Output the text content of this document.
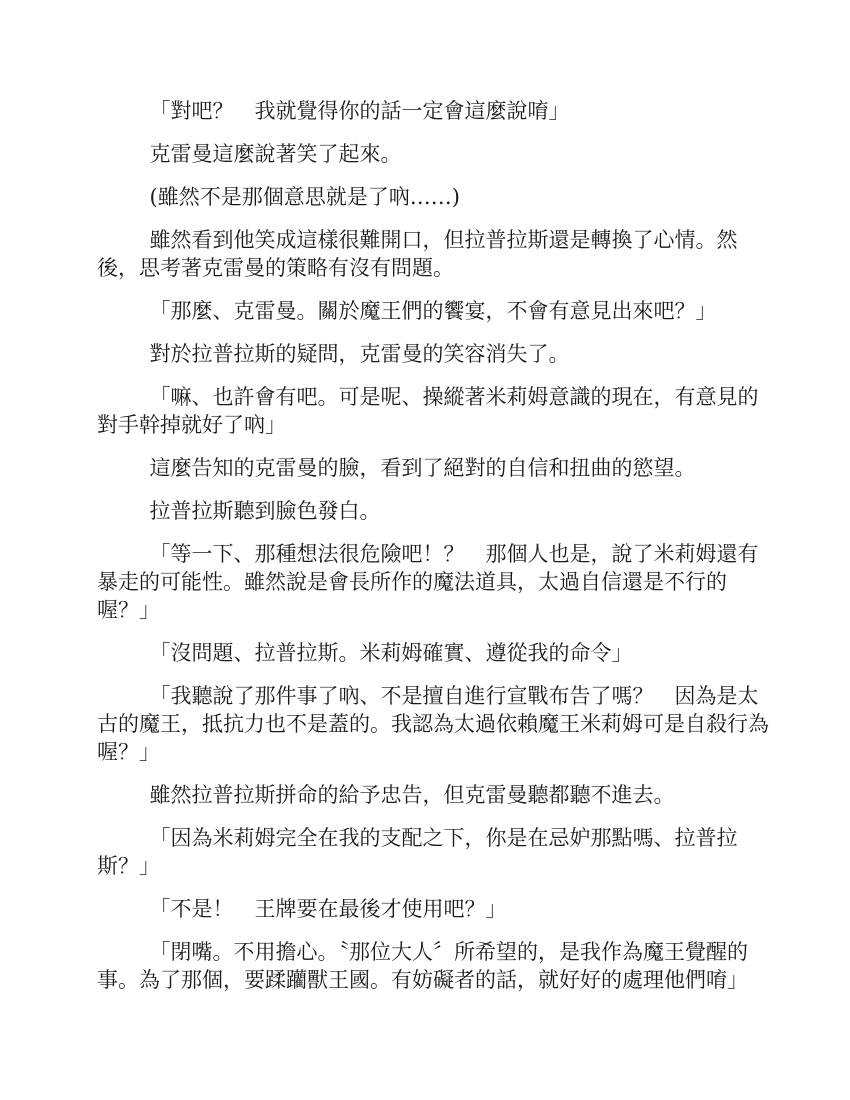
「對吧？　我就覺得你的話一定會這麼說唷」

克雷曼這麼說著笑了起來。

(雖然不是那個意思就是了吶……)

雖然看到他笑成這樣很難開口，但拉普拉斯還是轉換了心情。然後，思考著克雷曼的策略有沒有問題。

「那麼、克雷曼。關於魔王們的饗宴，不會有意見出來吧？」

對於拉普拉斯的疑問，克雷曼的笑容消失了。

「嘛、也許會有吧。可是呢、操縱著米莉姆意識的現在，有意見的對手幹掉就好了吶」

這麼告知的克雷曼的臉，看到了絕對的自信和扭曲的慾望。

拉普拉斯聽到臉色發白。

「等一下、那種想法很危險吧！？　那個人也是，說了米莉姆還有暴走的可能性。雖然說是會長所作的魔法道具，太過自信還是不行的喔？」

「沒問題、拉普拉斯。米莉姆確實、遵從我的命令」

「我聽說了那件事了吶、不是擅自進行宣戰布告了嗎？　因為是太古的魔王，抵抗力也不是蓋的。我認為太過依賴魔王米莉姆可是自殺行為喔？」

雖然拉普拉斯拼命的給予忠告，但克雷曼聽都聽不進去。

「因為米莉姆完全在我的支配之下，你是在忌妒那點嗎、拉普拉斯？」

「不是！　王牌要在最後才使用吧？」

「閉嘴。不用擔心。〝那位大人〞所希望的，是我作為魔王覺醒的事。為了那個，要蹂躪獸王國。有妨礙者的話，就好好的處理他們唷」
